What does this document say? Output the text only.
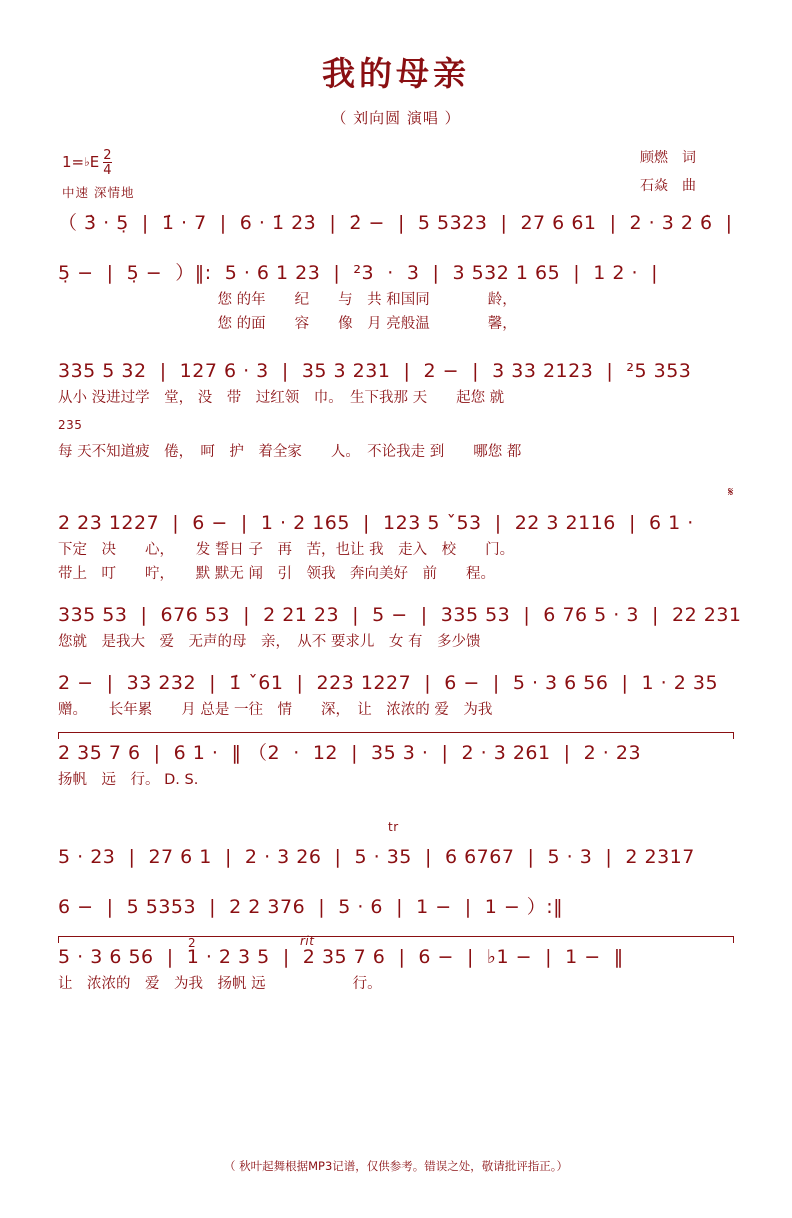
我的母亲
（ 刘向圆 演唱 ）
顾燃　词
石焱　曲
1= ♭ E $\frac{2}{4}$
中速 深情地
（ 3̇ · 5̣  |  1̇ · 7  |  6 · 1̇ 23̇  |  2̇ −  |  5 5323  |  27 6 61  |  2 · 3 2 6̇  |
5̣ −  |  5̣ −  ）‖:  5 · 6 1 23  |  ²3  ·  3  |  3 532 1 65  |  1 2 ·  |
　　　　　　　　　　　您 的年　　纪　　与　共 和国同　　　　龄，
　　　　　　　　　　　您 的面　　容　　像　月 亮般温　　　　馨，
335 5 32  |  127 6 · 3  |  35 3 231  |  2 −  |  3 33 2123  |  ²5 353
从小 没进过学　堂， 没　带　过红领　巾。　生下我那 天　　起您 就
235
每 天不知道疲　倦，　呵　护　着全家　　人。　不论我走 到　　哪您 都
𝄋
2 23 1227  |  6 −  |  1 · 2 165  |  123 5 ˇ53  |  22 3 2116  |  6 1 ·
下定　决　　心，　　发 誓日 子　再　苦，也让 我　走入　校　　门。
带上　叮　　咛，　　默 默无 闻　引　领我　奔向美好　前　　程。
335 53  |  676 53  |  2 21 23  |  5 −  |  335 53  |  6 76 5 · 3  |  22 231
您就　是我大　爱　无声的母　亲，　从不 要求儿　女 有　多少馈
2 −  |  33 232  |  1̇ ˇ61  |  223 1227  |  6 −  |  5 · 3 6 56  |  1 · 2 35
赠。　　长年累　　月 总是 一往　情　　深，　让　浓浓的 爱　为我
2 35 7 6  |  6 1 ·  ‖ （2  ·  12  |  35 3 ·  |  2 · 3 261  |  2 · 23
扬帆　远　行。 D. S.
tr
5 · 23  |  27 6 1  |  2 · 3 26  |  5 · 35  |  6 6767  |  5 · 3  |  2 2317
6 −  |  5 5353  |  2 2 376  |  5 · 6  |  1 −  |  1 − ）:‖
2	rit
5 · 3 6 56  |  1 · 2 3 5  |  2 35 7 6  |  6 −  |  ♭1 −  |  1 −  ‖
让　浓浓的　爱　为我　扬帆 远　　　　　　行。
（ 秋叶起舞根据MP3记谱，仅供参考。错误之处，敬请批评指正。）
